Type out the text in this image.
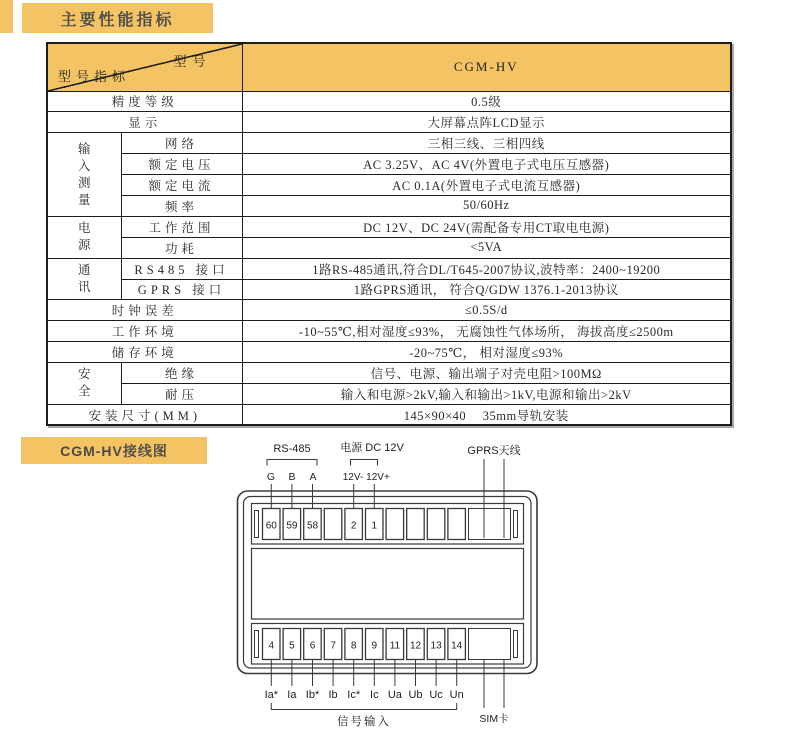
主要性能指标
型号
型号指标		CGM-HV
精度等级		0.5级
显示		大屏幕点阵LCD显示

输入测量	网络	三相三线、三相四线
	额定电压	AC 3.25V、AC 4V(外置电子式电压互感器)
	额定电流	AC 0.1A(外置电子式电流互感器)
	频率	50/60Hz

电源	工作范围	DC 12V、DC 24V(需配备专用CT取电电源)
	功耗	<5VA

通讯	RS485 接口	1路RS-485通讯,符合DL/T645-2007协议,波特率：2400~19200
	GPRS 接口	1路GPRS通讯， 符合Q/GDW 1376.1-2013协议
时钟误差		≤0.5S/d
工作环境		-10~55℃,相对湿度≤93%， 无腐蚀性气体场所， 海拔高度≤2500m
储存环境		-20~75℃， 相对湿度≤93%

安全	绝缘	信号、电源、输出端子对壳电阻>100MΩ
	耐压	输入和电源>2kV,输入和输出>1kV,电源和输出>2kV
安装尺寸(MM)		145×90×40　 35mm导轨安装
CGM-HV接线图	RS-485
G B A
电源 DC 12V
12V- 12V+
GPRS天线
60 59 58	2 1
4 5 6 7 8 9 11 12 13 14
Ia* Ia Ib* Ib Ic* Ic Ua Ub Uc Un
信号输入	SIM卡
